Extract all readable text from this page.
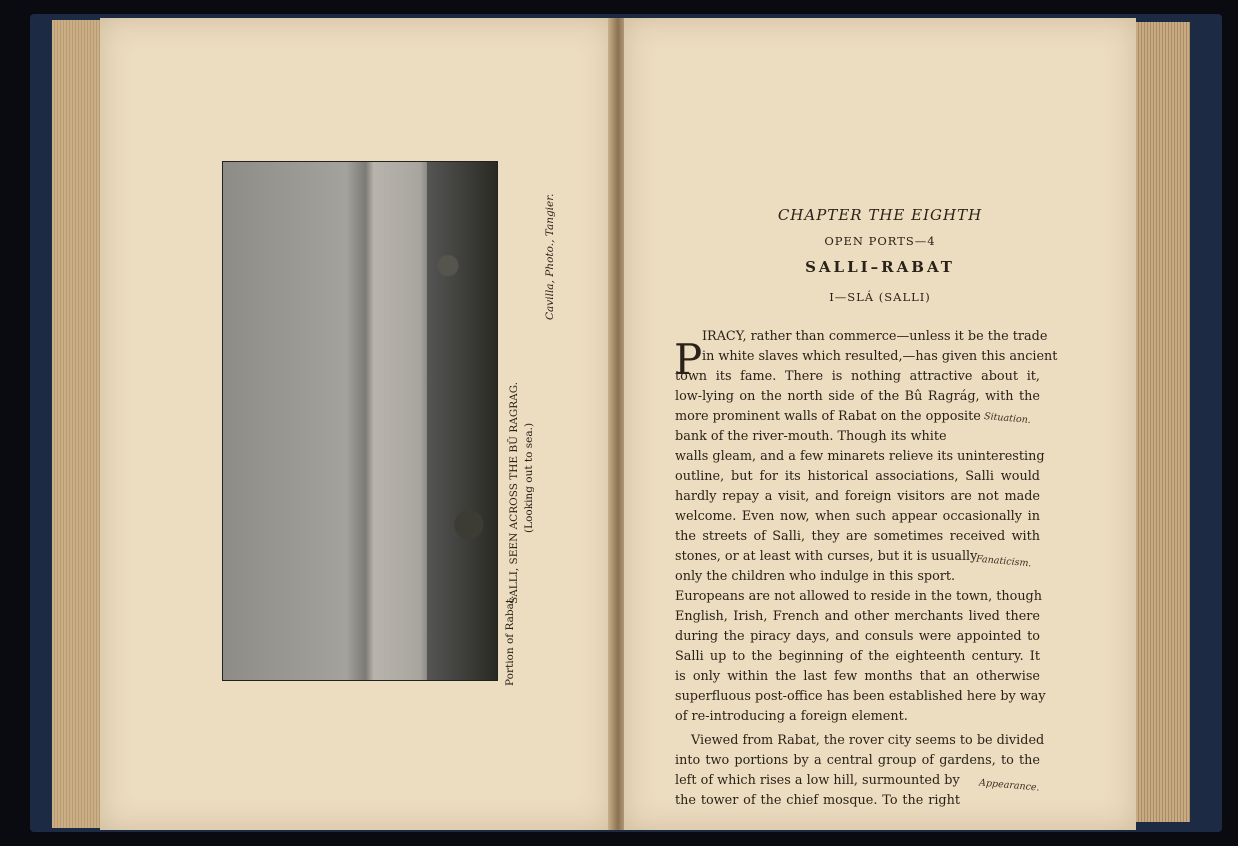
Portion of Rabat.
SALLI, SEEN ACROSS THE BŪ RAGRAG. (Looking out to sea.)
Cavilla, Photo., Tangier.	CHAPTER THE EIGHTH
OPEN PORTS—4
SALLI–RABAT
I—SLÁ (SALLI)
P IRACY, rather than commerce—unless it be the trade
in white slaves which resulted,—has given this ancient
town its fame. There is nothing attractive about it,
low-lying on the north side of the Bû Ragrág, with the
more prominent walls of Rabat on the opposite
bank of the river-mouth. Though its white
walls gleam, and a few minarets relieve its uninteresting
outline, but for its historical associations, Salli would
hardly repay a visit, and foreign visitors are not made
welcome. Even now, when such appear occasionally in
the streets of Salli, they are sometimes received with
stones, or at least with curses, but it is usually
only the children who indulge in this sport.
Europeans are not allowed to reside in the town, though
English, Irish, French and other merchants lived there
during the piracy days, and consuls were appointed to
Salli up to the beginning of the eighteenth century. It
is only within the last few months that an otherwise
superfluous post-office has been established here by way
of re-introducing a foreign element.
Viewed from Rabat, the rover city seems to be divided
into two portions by a central group of gardens, to the
left of which rises a low hill, surmounted by
the tower of the chief mosque. To the right
Situation.
Fanaticism.
Appearance.
